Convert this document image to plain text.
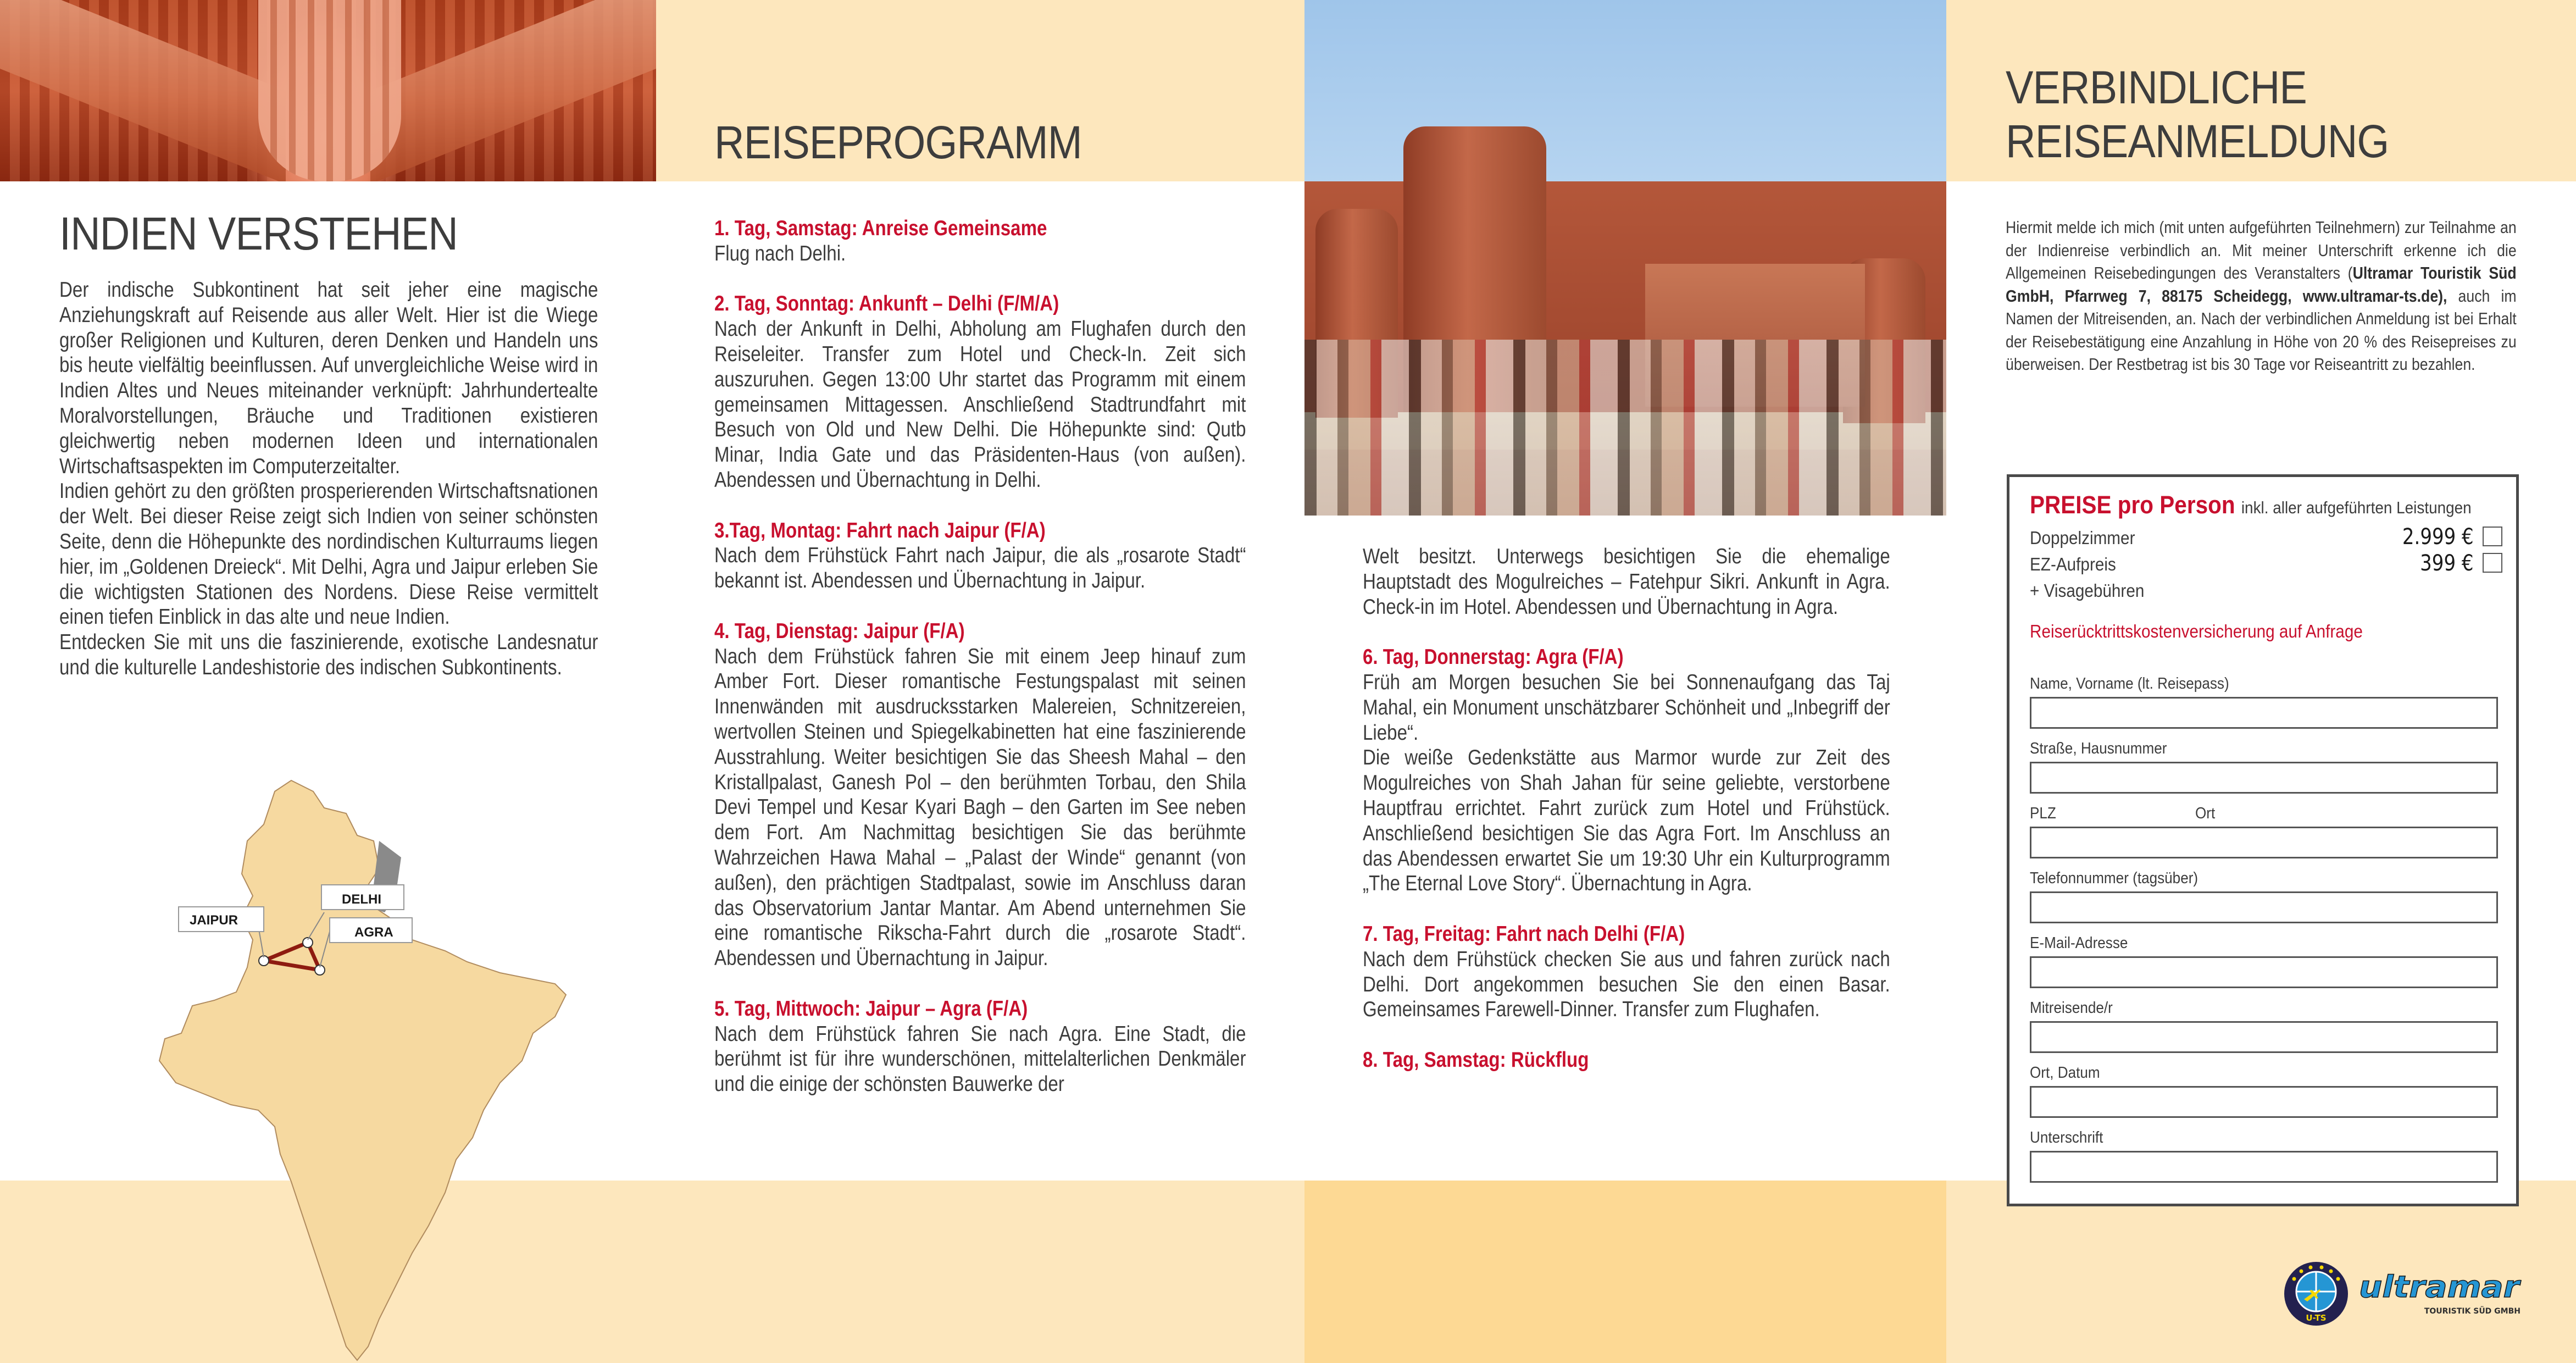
INDIEN VERSTEHEN

Der indische Subkontinent hat seit jeher eine magische Anziehungskraft auf Reisende aus aller Welt. Hier ist die Wiege großer Religionen und Kulturen, deren Denken und Handeln uns bis heute vielfältig beeinflussen. Auf unvergleichliche Weise wird in Indien Altes und Neues miteinander verknüpft: Jahrhundertealte Moralvorstellungen, Bräuche und Traditionen existieren gleichwertig neben modernen Ideen und internationalen Wirtschaftsaspekten im Computerzeitalter.

Indien gehört zu den größten prosperierenden Wirtschaftsnationen der Welt. Bei dieser Reise zeigt sich Indien von seiner schönsten Seite, denn die Höhepunkte des nordindischen Kulturraums liegen hier, im „Goldenen Dreieck“. Mit Delhi, Agra und Jaipur erleben Sie die wichtigsten Stationen des Nordens. Diese Reise vermittelt einen tiefen Einblick in das alte und neue Indien.

Entdecken Sie mit uns die faszinierende, exotische Landesnatur und die kulturelle Landeshistorie des indischen Subkontinents.

DELHI
JAIPUR
AGRA
REISEPROGRAMM
1. Tag, Samstag: Anreise Gemeinsame
Flug nach Delhi.
2. Tag, Sonntag: Ankunft – Delhi (F/M/A)
Nach der Ankunft in Delhi, Abholung am Flughafen durch den Reiseleiter. Transfer zum Hotel und Check-In. Zeit sich auszuruhen. Gegen 13:00 Uhr startet das Programm mit einem gemeinsamen Mittagessen. Anschließend Stadtrundfahrt mit Besuch von Old und New Delhi. Die Höhepunkte sind: Qutb Minar, India Gate und das Präsidenten-Haus (von außen). Abendessen und Übernachtung in Delhi.
3.Tag, Montag: Fahrt nach Jaipur (F/A)
Nach dem Frühstück Fahrt nach Jaipur, die als „rosarote Stadt“ bekannt ist. Abendessen und Übernachtung in Jaipur.
4. Tag, Dienstag: Jaipur (F/A)
Nach dem Frühstück fahren Sie mit einem Jeep hinauf zum Amber Fort. Dieser romantische Festungspalast mit seinen Innenwänden mit ausdrucksstarken Malereien, Schnitzereien, wertvollen Steinen und Spiegelkabinetten hat eine faszinierende Ausstrahlung. Weiter besichtigen Sie das Sheesh Mahal – den Kristallpalast, Ganesh Pol – den berühmten Torbau, den Shila Devi Tempel und Kesar Kyari Bagh – den Garten im See neben dem Fort. Am Nachmittag besichtigen Sie das berühmte Wahrzeichen Hawa Mahal – „Palast der Winde“ genannt (von außen), den prächtigen Stadtpalast, sowie im Anschluss daran das Observatorium Jantar Mantar. Am Abend unternehmen Sie eine romantische Rikscha-Fahrt durch die „rosarote Stadt“. Abendessen und Übernachtung in Jaipur.
5. Tag, Mittwoch: Jaipur – Agra (F/A)
Nach dem Frühstück fahren Sie nach Agra. Eine Stadt, die berühmt ist für ihre wunderschönen, mittelalterlichen Denkmäler und die einige der schönsten Bauwerke der
Welt besitzt. Unterwegs besichtigen Sie die ehemalige Hauptstadt des Mogulreiches – Fatehpur Sikri. Ankunft in Agra. Check-in im Hotel. Abendessen und Übernachtung in Agra.
6. Tag, Donnerstag: Agra (F/A)
Früh am Morgen besuchen Sie bei Sonnenaufgang das Taj Mahal, ein Monument unschätzbarer Schönheit und „Inbegriff der Liebe“.
Die weiße Gedenkstätte aus Marmor wurde zur Zeit des Mogulreiches von Shah Jahan für seine geliebte, verstorbene Hauptfrau errichtet. Fahrt zurück zum Hotel und Frühstück. Anschließend besichtigen Sie das Agra Fort. Im Anschluss an das Abendessen erwartet Sie um 19:30 Uhr ein Kulturprogramm „The Eternal Love Story“. Übernachtung in Agra.
7. Tag, Freitag: Fahrt nach Delhi (F/A)
Nach dem Frühstück checken Sie aus und fahren zurück nach Delhi. Dort angekommen besuchen Sie den einen Basar. Gemeinsames Farewell-Dinner. Transfer zum Flughafen.
8. Tag, Samstag: Rückflug
VERBINDLICHE
REISEANMELDUNG
Hiermit melde ich mich (mit unten aufgeführten Teilnehmern) zur Teilnahme an der Indienreise verbindlich an. Mit meiner Unterschrift erkenne ich die Allgemeinen Reisebedingungen des Veranstalters (Ultramar Touristik Süd GmbH, Pfarrweg 7, 88175 Scheidegg, www.ultramar-ts.de), auch im Namen der Mitreisenden, an. Nach der verbindlichen Anmeldung ist bei Erhalt der Reisebestätigung eine Anzahlung in Höhe von 20 % des Reisepreises zu überweisen. Der Restbetrag ist bis 30 Tage vor Reiseantritt zu bezahlen.
PREISE pro Person inkl. aller aufgeführten Leistungen
Doppelzimmer	2.999 €
EZ-Aufpreis	399 €
+ Visagebühren
Reiserücktrittskostenversicherung auf Anfrage
Name, Vorname (lt. Reisepass)
Straße, Hausnummer
PLZ	Ort
Telefonnummer (tagsüber)
E-Mail-Adresse
Mitreisende/r
Ort, Datum
Unterschrift
U-TS
ultramar
TOURISTIK SÜD GMBH
